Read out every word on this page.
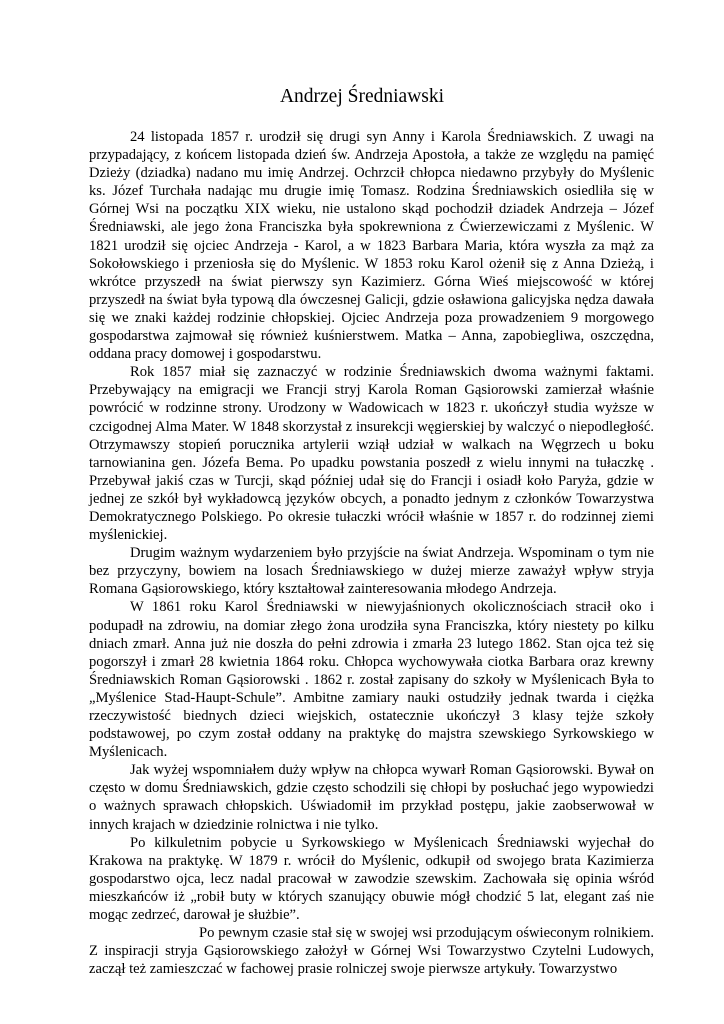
Andrzej Średniawski

24 listopada 1857 r. urodził się drugi syn Anny i Karola Średniawskich. Z uwagi na przypadający, z końcem listopada dzień św. Andrzeja Apostoła, a także ze względu na pamięć Dzieży (dziadka) nadano mu imię Andrzej. Ochrzcił chłopca niedawno przybyły do Myślenic ks. Józef Turchała nadając mu drugie imię Tomasz. Rodzina Średniawskich osiedliła się w Górnej Wsi na początku XIX wieku, nie ustalono skąd pochodził dziadek Andrzeja – Józef Średniawski, ale jego żona Franciszka była spokrewniona z Ćwierzewiczami z Myślenic. W 1821 urodził się ojciec Andrzeja - Karol, a w 1823 Barbara Maria, która wyszła za mąż za Sokołowskiego i przeniosła się do Myślenic. W 1853 roku Karol ożenił się z Anna Dzieżą, i wkrótce przyszedł na świat pierwszy syn Kazimierz. Górna Wieś miejscowość w której przyszedł na świat była typową dla ówczesnej Galicji, gdzie osławiona galicyjska nędza dawała się we znaki każdej rodzinie chłopskiej. Ojciec Andrzeja poza prowadzeniem 9 morgowego gospodarstwa zajmował się również kuśnierstwem. Matka – Anna, zapobiegliwa, oszczędna, oddana pracy domowej i gospodarstwu.

Rok 1857 miał się zaznaczyć w rodzinie Średniawskich dwoma ważnymi faktami. Przebywający na emigracji we Francji stryj Karola Roman Gąsiorowski zamierzał właśnie powrócić w rodzinne strony. Urodzony w Wadowicach w 1823 r. ukończył studia wyższe w czcigodnej Alma Mater. W 1848 skorzystał z insurekcji węgierskiej by walczyć o niepodległość. Otrzymawszy stopień porucznika artylerii wziął udział w walkach na Węgrzech u boku tarnowianina gen. Józefa Bema. Po upadku powstania poszedł z wielu innymi na tułaczkę . Przebywał jakiś czas w Turcji, skąd później udał się do Francji i osiadł koło Paryża, gdzie w jednej ze szkół był wykładowcą języków obcych, a ponadto jednym z członków Towarzystwa Demokratycznego Polskiego. Po okresie tułaczki wrócił właśnie w 1857 r. do rodzinnej ziemi myślenickiej.

Drugim ważnym wydarzeniem było przyjście na świat Andrzeja. Wspominam o tym nie bez przyczyny, bowiem na losach Średniawskiego w dużej mierze zaważył wpływ stryja Romana Gąsiorowskiego, który kształtował zainteresowania młodego Andrzeja.

W 1861 roku Karol Średniawski w niewyjaśnionych okolicznościach stracił oko i podupadł na zdrowiu, na domiar złego żona urodziła syna Franciszka, który niestety po kilku dniach zmarł. Anna już nie doszła do pełni zdrowia i zmarła 23 lutego 1862. Stan ojca też się pogorszył i zmarł 28 kwietnia 1864 roku. Chłopca wychowywała ciotka Barbara oraz krewny Średniawskich Roman Gąsiorowski . 1862 r. został zapisany do szkoły w Myślenicach Była to „Myślenice Stad-Haupt-Schule”. Ambitne zamiary nauki ostudziły jednak twarda i ciężka rzeczywistość biednych dzieci wiejskich, ostatecznie ukończył 3 klasy tejże szkoły podstawowej, po czym został oddany na praktykę do majstra szewskiego Syrkowskiego w Myślenicach.

Jak wyżej wspomniałem duży wpływ na chłopca wywarł Roman Gąsiorowski. Bywał on często w domu Średniawskich, gdzie często schodzili się chłopi by posłuchać jego wypowiedzi o ważnych sprawach chłopskich. Uświadomił im przykład postępu, jakie zaobserwował w innych krajach w dziedzinie rolnictwa i nie tylko.

Po kilkuletnim pobycie u Syrkowskiego w Myślenicach Średniawski wyjechał do Krakowa na praktykę. W 1879 r. wrócił do Myślenic, odkupił od swojego brata Kazimierza gospodarstwo ojca, lecz nadal pracował w zawodzie szewskim. Zachowała się opinia wśród mieszkańców iż „robił buty w których szanujący obuwie mógł chodzić 5 lat, elegant zaś nie mogąc zedrzeć, darował je służbie”.

Po pewnym czasie stał się w swojej wsi przodującym oświeconym rolnikiem. Z inspiracji stryja Gąsiorowskiego założył w Górnej Wsi Towarzystwo Czytelni Ludowych, zaczął też zamieszczać w fachowej prasie rolniczej swoje pierwsze artykuły. Towarzystwo
